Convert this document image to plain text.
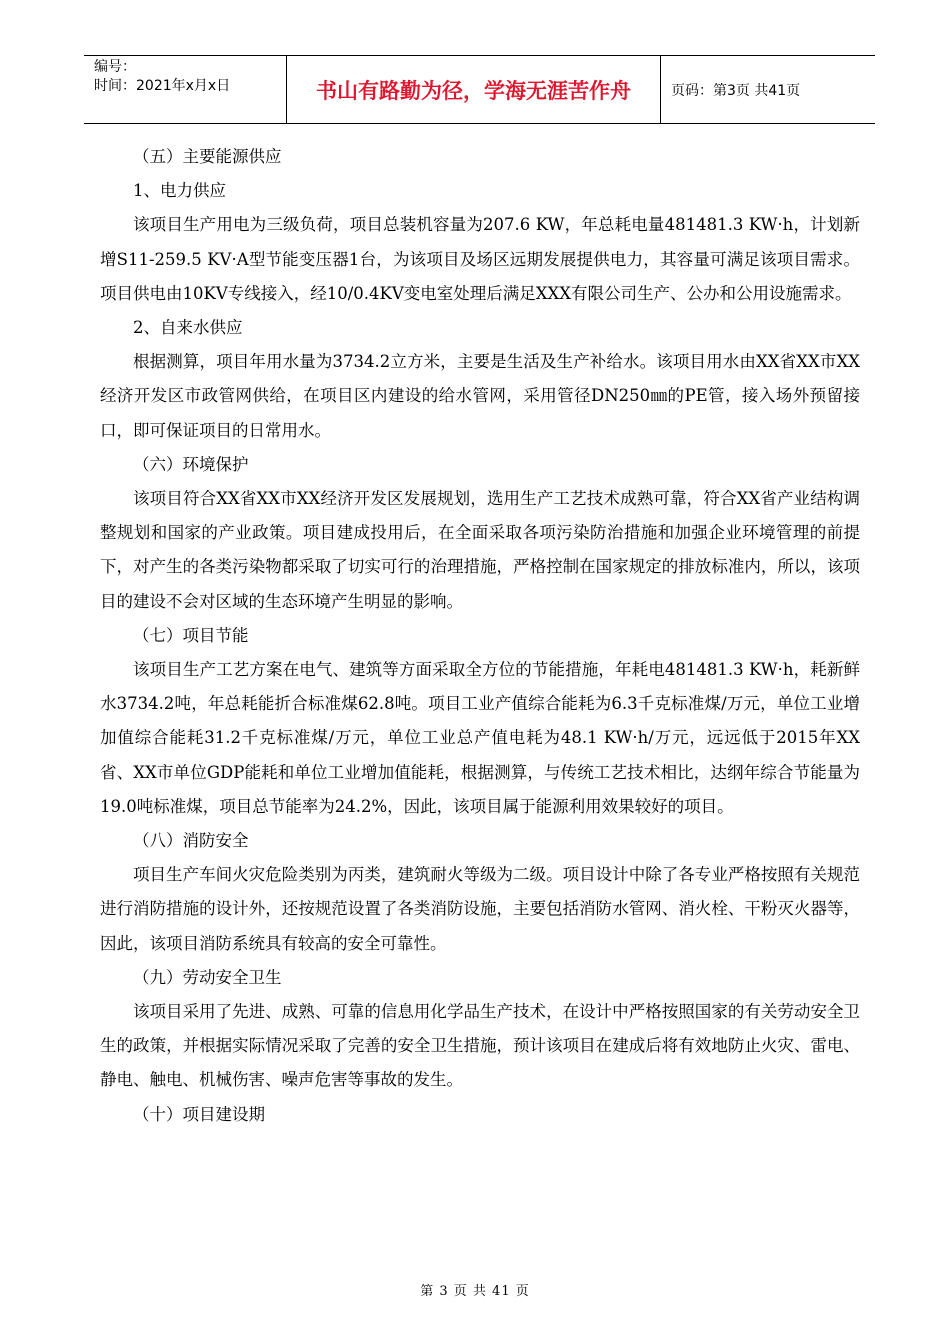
编号：
时间：2021年x月x日	书山有路勤为径，学海无涯苦作舟	页码：第3页 共41页

（五）主要能源供应

1、电力供应

该项目生产用电为三级负荷，项目总装机容量为207.6 KW，年总耗电量481481.3 KW·h，计划新增S11-259.5 KV·A型节能变压器1台，为该项目及场区远期发展提供电力，其容量可满足该项目需求。项目供电由10KV专线接入，经10/0.4KV变电室处理后满足XXX有限公司生产、公办和公用设施需求。

2、自来水供应

根据测算，项目年用水量为3734.2立方米，主要是生活及生产补给水。该项目用水由XX省XX市XX经济开发区市政管网供给，在项目区内建设的给水管网，采用管径DN250㎜的PE管，接入场外预留接口，即可保证项目的日常用水。

（六）环境保护

该项目符合XX省XX市XX经济开发区发展规划，选用生产工艺技术成熟可靠，符合XX省产业结构调整规划和国家的产业政策。项目建成投用后，在全面采取各项污染防治措施和加强企业环境管理的前提下，对产生的各类污染物都采取了切实可行的治理措施，严格控制在国家规定的排放标准内，所以，该项目的建设不会对区域的生态环境产生明显的影响。

（七）项目节能

该项目生产工艺方案在电气、建筑等方面采取全方位的节能措施，年耗电481481.3 KW·h，耗新鲜水3734.2吨，年总耗能折合标准煤62.8吨。项目工业产值综合能耗为6.3千克标准煤/万元，单位工业增加值综合能耗31.2千克标准煤/万元，单位工业总产值电耗为48.1 KW·h/万元，远远低于2015年XX省、XX市单位GDP能耗和单位工业增加值能耗，根据测算，与传统工艺技术相比，达纲年综合节能量为19.0吨标准煤，项目总节能率为24.2%，因此，该项目属于能源利用效果较好的项目。

（八）消防安全

项目生产车间火灾危险类别为丙类，建筑耐火等级为二级。项目设计中除了各专业严格按照有关规范进行消防措施的设计外，还按规范设置了各类消防设施，主要包括消防水管网、消火栓、干粉灭火器等，因此，该项目消防系统具有较高的安全可靠性。

（九）劳动安全卫生

该项目采用了先进、成熟、可靠的信息用化学品生产技术，在设计中严格按照国家的有关劳动安全卫生的政策，并根据实际情况采取了完善的安全卫生措施，预计该项目在建成后将有效地防止火灾、雷电、静电、触电、机械伤害、噪声危害等事故的发生。

（十）项目建设期

第 3 页 共 41 页
